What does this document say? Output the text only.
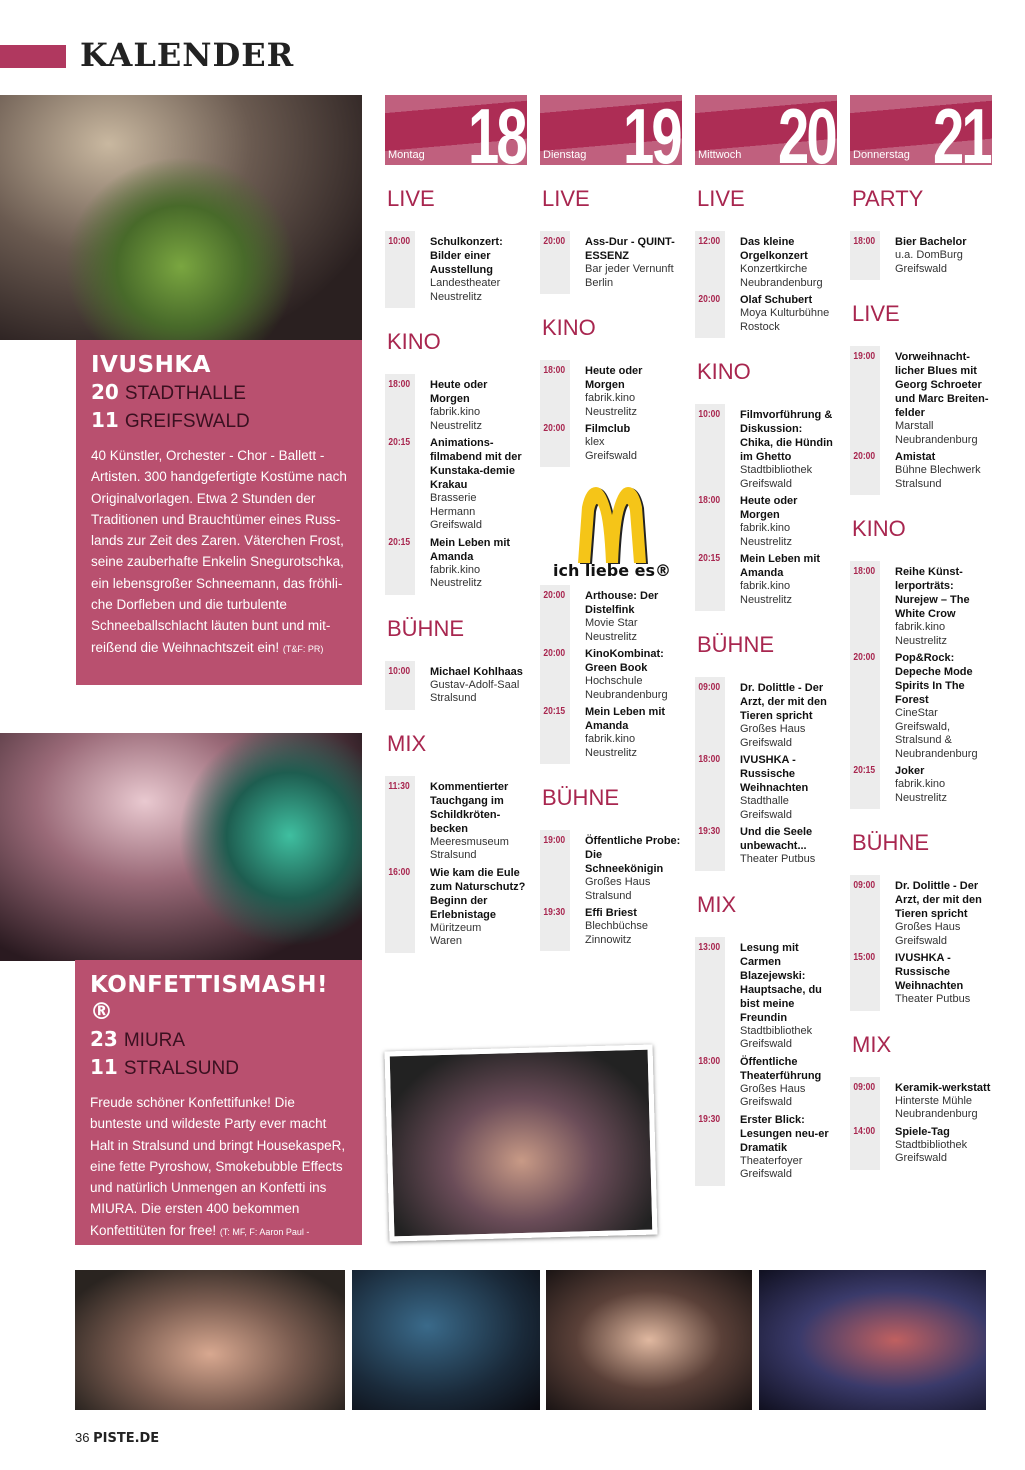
KALENDER
IVUSHKA
20 STADTHALLE
11 GREIFSWALD
40 Künstler, Orchester - Chor - Ballett - Artisten. 300 handgefertigte Kostüme nach Originalvorlagen. Etwa 2 Stunden der Traditionen und Brauchtümer eines Russ-lands zur Zeit des Zaren. Väterchen Frost, seine zauberhafte Enkelin Snegurotschka, ein lebensgroßer Schneemann, das fröhli-che Dorfleben und die turbulente Schneeballschlacht läuten bunt und mit-reißend die Weihnachtszeit ein! (T&F: PR)
KONFETTISMASH!®
23 MIURA
11 STRALSUND
Freude schöner Konfettifunke! Die bunteste und wildeste Party ever macht Halt in Stralsund und bringt HousekaspeR, eine fette Pyroshow, Smokebubble Effects und natürlich Unmengen an Konfetti ins MIURA. Die ersten 400 bekommen Konfettitüten for free! (T: MF, F: Aaron Paul - Unsplash)
ich liebe es®
Montag 18
LIVE
10:00	Schulkonzert: Bilder einer Ausstellung
Landestheater
Neustrelitz
KINO
18:00	Heute oder Morgen
fabrik.kino
Neustrelitz
20:15	Animations-filmabend mit der Kunstaka-demie Krakau
Brasserie
Hermann
Greifswald
20:15	Mein Leben mit Amanda
fabrik.kino
Neustrelitz
BÜHNE
10:00	Michael Kohlhaas
Gustav-Adolf-Saal
Stralsund
MIX
11:30	Kommentierter Tauchgang im Schildkröten-becken
Meeresmuseum
Stralsund
16:00	Wie kam die Eule zum Naturschutz? Beginn der Erlebnistage
Müritzeum
Waren
Dienstag 19
LIVE
20:00	Ass-Dur - QUINT-ESSENZ
Bar jeder Vernunft
Berlin
KINO
18:00	Heute oder Morgen
fabrik.kino
Neustrelitz
20:00	Filmclub
klex
Greifswald
20:00	Arthouse: Der Distelfink
Movie Star
Neustrelitz
20:00	KinoKombinat: Green Book
Hochschule
Neubrandenburg
20:15	Mein Leben mit Amanda
fabrik.kino
Neustrelitz
BÜHNE
19:00	Öffentliche Probe: Die Schneekönigin
Großes Haus
Stralsund
19:30	Effi Briest
Blechbüchse
Zinnowitz
Mittwoch 20
LIVE
12:00	Das kleine Orgelkonzert
Konzertkirche
Neubrandenburg
20:00	Olaf Schubert
Moya Kulturbühne
Rostock
KINO
10:00	Filmvorführung & Diskussion: Chika, die Hündin im Ghetto
Stadtbibliothek
Greifswald
18:00	Heute oder Morgen
fabrik.kino
Neustrelitz
20:15	Mein Leben mit Amanda
fabrik.kino
Neustrelitz
BÜHNE
09:00	Dr. Dolittle - Der Arzt, der mit den Tieren spricht
Großes Haus
Greifswald
18:00	IVUSHKA - Russische Weihnachten
Stadthalle
Greifswald
19:30	Und die Seele unbewacht...
Theater Putbus
MIX
13:00	Lesung mit Carmen Blazejewski: Hauptsache, du bist meine Freundin
Stadtbibliothek
Greifswald
18:00	Öffentliche Theaterführung
Großes Haus
Greifswald
19:30	Erster Blick: Lesungen neu-er Dramatik
Theaterfoyer
Greifswald
Donnerstag 21
PARTY
18:00	Bier Bachelor
u.a. DomBurg
Greifswald
LIVE
19:00	Vorweihnacht-licher Blues mit Georg Schroeter und Marc Breiten-felder
Marstall
Neubrandenburg
20:00	Amistat
Bühne Blechwerk
Stralsund
KINO
18:00	Reihe Künst-lerporträts: Nurejew – The White Crow
fabrik.kino
Neustrelitz
20:00	Pop&Rock: Depeche Mode Spirits In The Forest
CineStar
Greifswald,
Stralsund &
Neubrandenburg
20:15	Joker
fabrik.kino
Neustrelitz
BÜHNE
09:00	Dr. Dolittle - Der Arzt, der mit den Tieren spricht
Großes Haus
Greifswald
15:00	IVUSHKA - Russische Weihnachten
Theater Putbus
MIX
09:00	Keramik-werkstatt
Hinterste Mühle
Neubrandenburg
14:00	Spiele-Tag
Stadtbibliothek
Greifswald
36 PISTE.DE
